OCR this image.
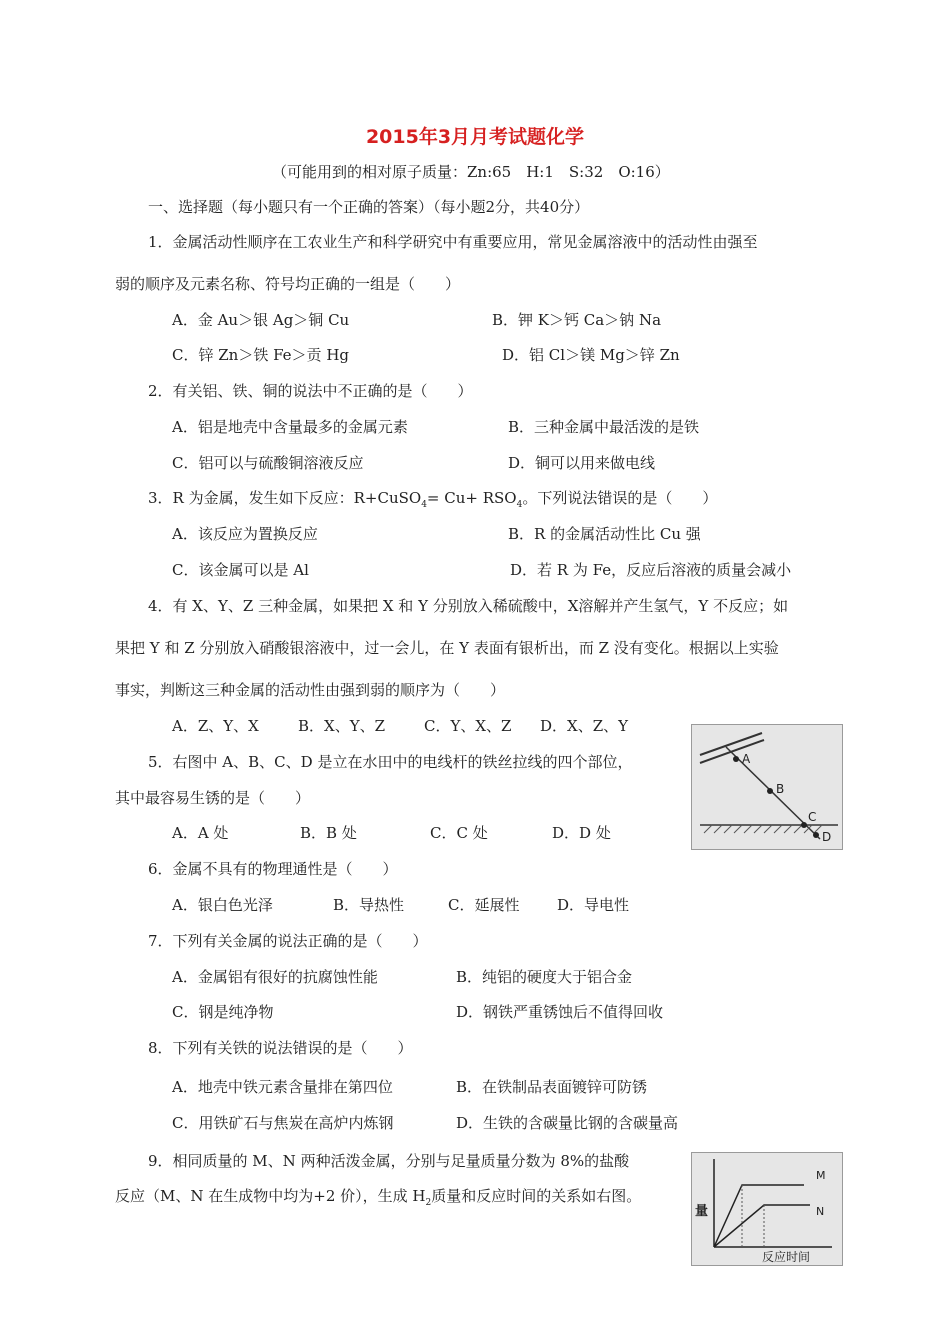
2015年3月月考试题化学
（可能用到的相对原子质量：Zn:65　H:1　S:32　O:16）
一、选择题（每小题只有一个正确的答案）（每小题2分，共40分）
1．金属活动性顺序在工农业生产和科学研究中有重要应用，常见金属溶液中的活动性由强至
弱的顺序及元素名称、符号均正确的一组是（　　）
A．金 Au＞银 Ag＞铜 Cu	B．钾 K＞钙 Ca＞钠 Na
C．锌 Zn＞铁 Fe＞贡 Hg	D．铝 Cl＞镁 Mg＞锌 Zn
2．有关铝、铁、铜的说法中不正确的是（　　）
A．铝是地壳中含量最多的金属元素	B．三种金属中最活泼的是铁
C．铝可以与硫酸铜溶液反应	D．铜可以用来做电线
3．R 为金属，发生如下反应：R+CuSO$_4$= $Cu+ RSO_4$。下列说法错误的是（　　）
A．该反应为置换反应	B．R 的金属活动性比 Cu 强
C．该金属可以是 Al	D．若 R 为 Fe，反应后溶液的质量会减小
4．有 X、Y、Z 三种金属，如果把 X 和 Y 分别放入稀硫酸中，X溶解并产生氢气，Y 不反应；如
果把 Y 和 Z 分别放入硝酸银溶液中，过一会儿，在 Y 表面有银析出，而 Z 没有变化。根据以上实验
事实，判断这三种金属的活动性由强到弱的顺序为（　　）
A．Z、Y、X	B．X、Y、Z	C．Y、X、Z D．X、Z、Y
5．右图中 A、B、C、D 是立在水田中的电线杆的铁丝拉线的四个部位，
其中最容易生锈的是（　　）
A．A 处	B．B 处	C．C 处	D．D 处
A
B
C
D
6．金属不具有的物理通性是（　　）
A．银白色光泽	B．导热性	C．延展性	D．导电性
7．下列有关金属的说法正确的是（　　）
A．金属铝有很好的抗腐蚀性能	B．纯铝的硬度大于铝合金
C．钢是纯净物	D．钢铁严重锈蚀后不值得回收
8．下列有关铁的说法错误的是（　　）
A．地壳中铁元素含量排在第四位	B．在铁制品表面镀锌可防锈
C．用铁矿石与焦炭在高炉内炼钢	D．生铁的含碳量比钢的含碳量高
9．相同质量的 M、N 两种活泼金属，分别与足量质量分数为 8%的盐酸
反应（M、N 在生成物中均为+2 价），生成 $H_2$质量和反应时间的关系如右图。
量
反应时间
M
N
